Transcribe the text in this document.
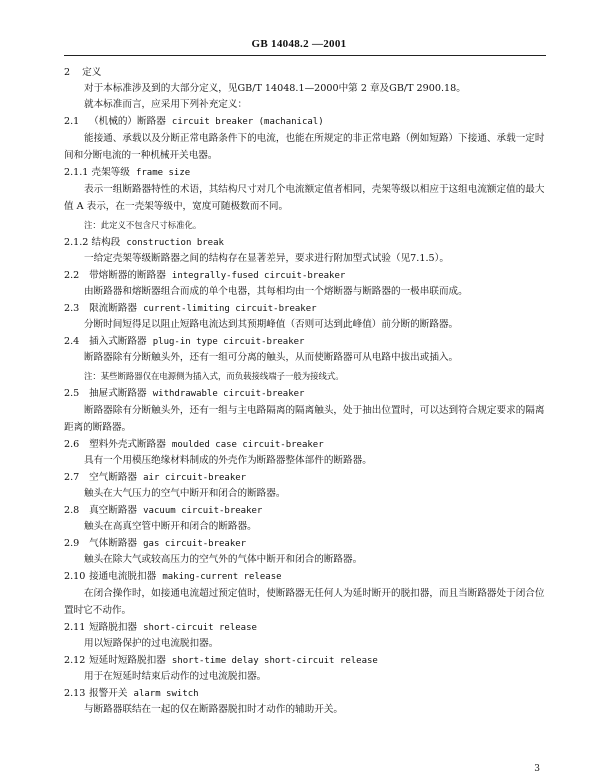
GB 14048.2 —2001
2 定义
对于本标准涉及到的大部分定义，见GB/T 14048.1—2000中第 2 章及GB/T 2900.18。
就本标准而言，应采用下列补充定义：
2.1 （机械的）断路器 circuit breaker (machanical)
能接通、承载以及分断正常电路条件下的电流，也能在所规定的非正常电路（例如短路）下接通、承载一定时间和分断电流的一种机械开关电器。
2.1.1 壳架等级 frame size
表示一组断路器特性的术语，其结构尺寸对几个电流额定值者相同，壳架等级以相应于这组电流额定值的最大值 A 表示，在一壳架等级中，宽度可随极数而不同。
注：此定义不包含尺寸标准化。
2.1.2 结构段 construction break
一给定壳架等级断路器之间的结构存在显著差异，要求进行附加型式试验（见7.1.5）。
2.2 带熔断器的断路器 integrally-fused circuit-breaker
由断路器和熔断器组合而成的单个电器，其每相均由一个熔断器与断路器的一极串联而成。
2.3 限流断路器 current-limiting circuit-breaker
分断时间短得足以阻止短路电流达到其预期峰值（否则可达到此峰值）前分断的断路器。
2.4 插入式断路器 plug-in type circuit-breaker
断路器除有分断触头外，还有一组可分离的触头，从而使断路器可从电路中拔出或插入。
注：某些断路器仅在电源侧为插入式，而负载接线端子一般为接线式。
2.5 抽屉式断路器 withdrawable circuit-breaker
断路器除有分断触头外，还有一组与主电路隔离的隔离触头，处于抽出位置时，可以达到符合规定要求的隔离距离的断路器。
2.6 塑料外壳式断路器 moulded case circuit-breaker
具有一个用模压绝缘材料制成的外壳作为断路器整体部件的断路器。
2.7 空气断路器 air circuit-breaker
触头在大气压力的空气中断开和闭合的断路器。
2.8 真空断路器 vacuum circuit-breaker
触头在高真空管中断开和闭合的断路器。
2.9 气体断路器 gas circuit-breaker
触头在除大气或较高压力的空气外的气体中断开和闭合的断路器。
2.10 接通电流脱扣器 making-current release
在闭合操作时，如接通电流超过预定值时，使断路器无任何人为延时断开的脱扣器，而且当断路器处于闭合位置时它不动作。
2.11 短路脱扣器 short-circuit release
用以短路保护的过电流脱扣器。
2.12 短延时短路脱扣器 short-time delay short-circuit release
用于在短延时结束后动作的过电流脱扣器。
2.13 报警开关 alarm switch
与断路器联结在一起的仅在断路器脱扣时才动作的辅助开关。
3
